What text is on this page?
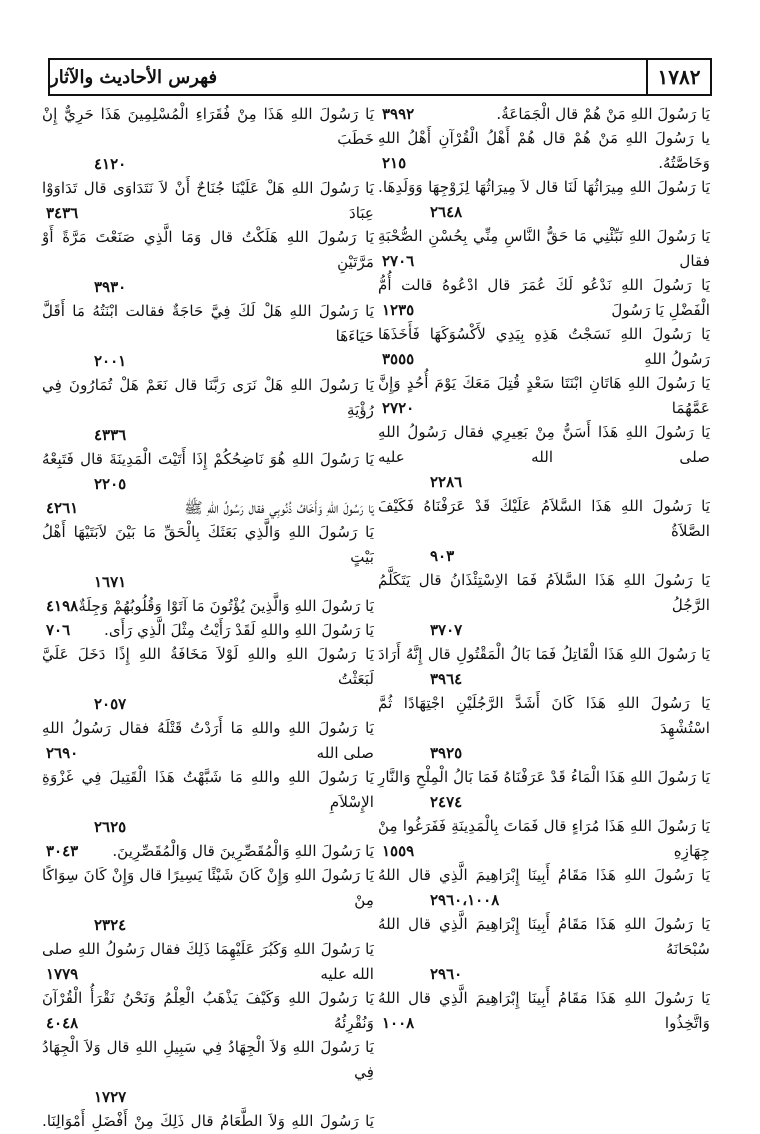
فهرس الأحاديث والآثار	١٧٨٢
يَا رَسُولَ اللهِ مَنْ هُمْ قال الْجَمَاعَةُ.
٣٩٩٢
يا رَسُولَ اللهِ مَنْ هُمْ قال هُمْ أَهْلُ الْقُرْآنِ أَهْلُ اللهِ وَخَاصَّتُهُ.
٢١٥
يَا رَسُولَ اللهِ مِيرَاثُهَا لَنَا قال لاَ مِيرَاثُهَا لِزَوْجِهَا وَوَلَدِهَا.
٢٦٤٨
يَا رَسُولَ اللهِ نَبِّئْنِي مَا حَقُّ النَّاسِ مِنِّي بِحُسْنِ الصُّحْبَةِ فقال
٢٧٠٦
يَا رَسُولَ اللهِ نَدْعُو لَكَ عُمَرَ قال ادْعُوهُ قالت أُمُّ الْفَضْلِ يَا رَسُولَ
١٢٣٥
يَا رَسُولَ اللهِ نَسَجْتُ هَذِهِ بِيَدِي لأَكْسُوَكَهَا فَأَخَذَهَا رَسُولُ اللهِ
٣٥٥٥
يَا رَسُولَ اللهِ هَاتَانِ ابْنَتَا سَعْدٍ قُتِلَ مَعَكَ يَوْمَ أُحُدٍ وَإِنَّ عَمَّهُمَا
٢٧٢٠
يَا رَسُولَ اللهِ هَذَا أَسَنُّ مِنْ بَعِيرِي فقال رَسُولُ اللهِ صلى الله عليه
٢٢٨٦
يَا رَسُولَ اللهِ هَذَا السَّلاَمُ عَلَيْكَ قَدْ عَرَفْنَاهُ فَكَيْفَ الصَّلاَةُ
٩٠٣
يَا رَسُولَ اللهِ هَذَا السَّلاَمُ فَمَا الاِسْتِئْذَانُ قال يَتَكَلَّمُ الرَّجُلُ
٣٧٠٧
يَا رَسُولَ اللهِ هَذَا الْقَاتِلُ فَمَا بَالُ الْمَقْتُولِ قال إِنَّهُ أَرَادَ
٣٩٦٤
يَا رَسُولَ اللهِ هَذَا كَانَ أَشَدَّ الرَّجُلَيْنِ اجْتِهَادًا ثُمَّ اسْتُشْهِدَ
٣٩٢٥
يَا رَسُولَ اللهِ هَذَا الْمَاءُ قَدْ عَرَفْنَاهُ فَمَا بَالُ الْمِلْحِ وَالنَّارِ
٢٤٧٤
يَا رَسُولَ اللهِ هَذَا مُرَاءٍ قال فَمَاتَ بِالْمَدِينَةِ فَفَرَغُوا مِنْ جِهَازِهِ
١٥٥٩
يَا رَسُولَ اللهِ هَذَا مَقَامُ أَبِينَا إِبْرَاهِيمَ الَّذِي قال اللهُ
٢٩٦٠،١٠٠٨
يَا رَسُولَ اللهِ هَذَا مَقَامُ أَبِينَا إِبْرَاهِيمَ الَّذِي قال اللهُ سُبْحَانَهُ
٢٩٦٠
يَا رَسُولَ اللهِ هَذَا مَقَامُ أَبِينَا إِبْرَاهِيمَ الَّذِي قال اللهُ وَاتَّخِذُوا
١٠٠٨
يَا رَسُولَ اللهِ هَذَا مِنْ فُقَرَاءِ الْمُسْلِمِينَ هَذَا حَرِيٌّ إِنْ خَطَبَ
٤١٢٠
يَا رَسُولَ اللهِ هَلْ عَلَيْنَا جُنَاحٌ أَنْ لاَ نَتَدَاوَى قال تَدَاوَوْا عِبَادَ
٣٤٣٦
يَا رَسُولَ اللهِ هَلَكْتُ قال وَمَا الَّذِي صَنَعْتَ مَرَّةً أَوْ مَرَّتَيْنِ
٣٩٣٠
يَا رَسُولَ اللهِ هَلْ لَكَ فِيَّ حَاجَةٌ فقالت ابْنَتُهُ مَا أَقَلَّ حَيَاءَهَا
٢٠٠١
يَا رَسُولَ اللهِ هَلْ نَرَى رَبَّنَا قال نَعَمْ هَلْ تُمَارُونَ فِي رُؤْيَةِ
٤٣٣٦
يَا رَسُولَ اللهِ هُوَ نَاضِحُكُمْ إِذَا أَتَيْتَ الْمَدِينَةَ قال فَتَبِعْهُ
٢٢٠٥
يَا رَسُولَ اللهِ وَأَخَافُ ذُنُوبِي فقال رَسُولُ اللهِ ﷺ
٤٢٦١
يَا رَسُولَ اللهِ وَالَّذِي بَعَثَكَ بِالْحَقِّ مَا بَيْنَ لاَبَتَيْهَا أَهْلُ بَيْتٍ
١٦٧١
يَا رَسُولَ اللهِ وَالَّذِينَ يُؤْتُونَ مَا آتَوْا وَقُلُوبُهُمْ وَجِلَةٌ
٤١٩٨
يَا رَسُولَ اللهِ واللهِ لَقَدْ رَأَيْتُ مِثْلَ الَّذِي رَأَى.
٧٠٦
يَا رَسُولَ اللهِ واللهِ لَوْلاَ مَخَافَةُ اللهِ إِذًا دَخَلَ عَلَيَّ لَبَعَثْتُ
٢٠٥٧
يَا رَسُولَ اللهِ واللهِ مَا أَرَدْتُ قَتْلَهُ فقال رَسُولُ اللهِ صلى الله
٢٦٩٠
يَا رَسُولَ اللهِ واللهِ مَا شَبَّهْتُ هَذَا الْقَتِيلَ فِي غَزْوَةِ الإِسْلاَمِ
٢٦٢٥
يَا رَسُولَ اللهِ وَالْمُقَصِّرِينَ قال وَالْمُقَصِّرِينَ.
٣٠٤٣
يَا رَسُولَ اللهِ وَإِنْ كَانَ شَيْئًا يَسِيرًا قال وَإِنْ كَانَ سِوَاكًا مِنْ
٢٣٢٤
يَا رَسُولَ اللهِ وَكَبُرَ عَلَيْهِمَا ذَلِكَ فقال رَسُولُ اللهِ صلى الله عليه
١٧٧٩
يَا رَسُولَ اللهِ وَكَيْفَ يَذْهَبُ الْعِلْمُ وَنَحْنُ نَقْرَأُ الْقُرْآنَ وَنُقْرِئُهُ
٤٠٤٨
يَا رَسُولَ اللهِ وَلاَ الْجِهَادُ فِي سَبِيلِ اللهِ قال وَلاَ الْجِهَادُ فِي
١٧٢٧
يَا رَسُولَ اللهِ وَلاَ الطَّعَامُ قال ذَلِكَ مِنْ أَفْضَلِ أَمْوَالِنَا.
